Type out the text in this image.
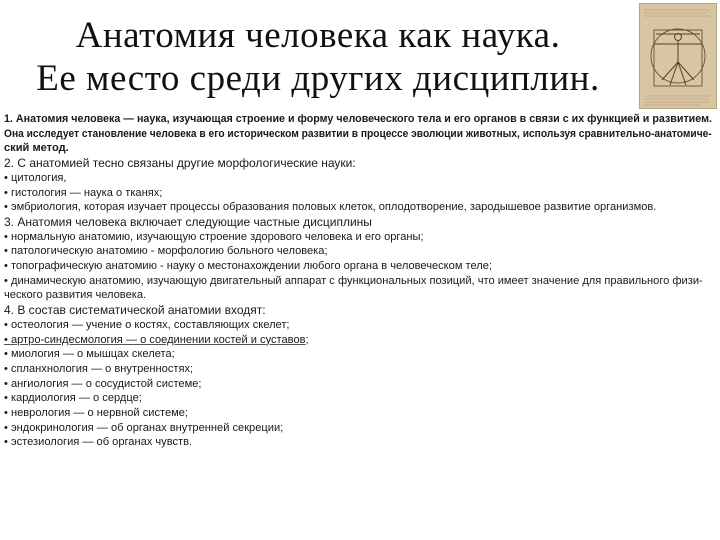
Анатомия человека как наука.
Ее место среди других дисциплин.
1. Анатомия человека — наука, изучающая строение и форму человеческого тела и его органов в связи с их функцией и развитием.
Она исследует становление человека в его историческом развитии в процессе эволюции животных, используя сравнительно-анатомиче-
ский метод.
2. С анатомией тесно связаны другие морфологические науки:
• цитология,
• гистология — наука о тканях;
• эмбриология, которая изучает процессы образования половых клеток, оплодотворение, зародышевое развитие организмов.
3. Анатомия человека включает следующие частные дисциплины
• нормальную анатомию, изучающую строение здорового человека и его органы;
• патологическую анатомию - морфологию больного человека;
• топографическую анатомию - науку о местонахождении любого органа в человеческом теле;
• динамическую анатомию, изучающую двигательный аппарат с функциональных позиций, что имеет значение для правильного физи-
ческого развития человека.
4. В состав систематической анатомии входят:
• остеология — учение о костях, составляющих скелет;
• артро-синдесмология — о соединении костей и суставов;
• миология — о мышцах скелета;
• спланхнология — о внутренностях;
• ангиология — о сосудистой системе;
• кардиология — о сердце;
• неврология — о нервной системе;
• эндокринология — об органах внутренней секреции;
• эстезиология — об органах чувств.
